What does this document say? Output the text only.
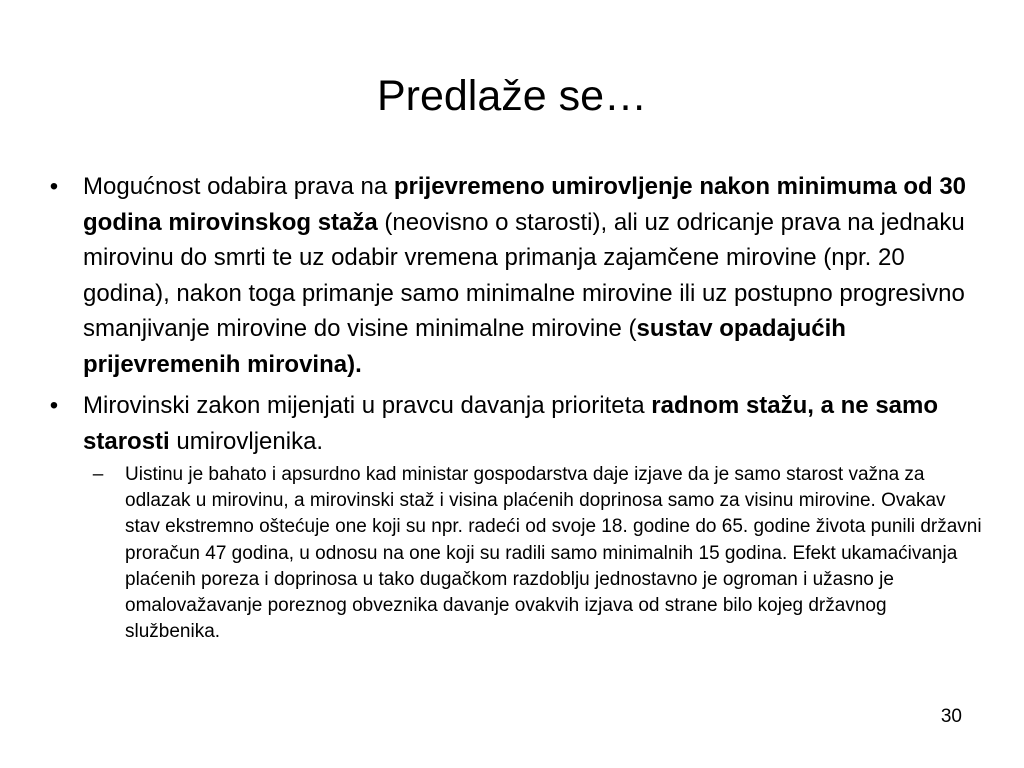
Predlaže se…
• Mogućnost odabira prava na prijevremeno umirovljenje nakon minimuma od 30 godina mirovinskog staža (neovisno o starosti), ali uz odricanje prava na jednaku mirovinu do smrti te uz odabir vremena primanja zajamčene mirovine (npr. 20 godina), nakon toga primanje samo minimalne mirovine ili uz postupno progresivno smanjivanje mirovine do visine minimalne mirovine (sustav opadajućih prijevremenih mirovina).
• Mirovinski zakon mijenjati u pravcu davanja prioriteta radnom stažu, a ne samo starosti umirovljenika.
–	Uistinu je bahato i apsurdno kad ministar gospodarstva daje izjave da je samo starost važna za odlazak u mirovinu, a mirovinski staž i visina plaćenih doprinosa samo za visinu mirovine. Ovakav stav ekstremno oštećuje one koji su npr. radeći od svoje 18. godine do 65. godine života punili državni proračun 47 godina, u odnosu na one koji su radili samo minimalnih 15 godina. Efekt ukamaćivanja plaćenih poreza i doprinosa u tako dugačkom razdoblju jednostavno je ogroman i užasno je omalovažavanje poreznog obveznika davanje ovakvih izjava od strane bilo kojeg državnog službenika.
30
